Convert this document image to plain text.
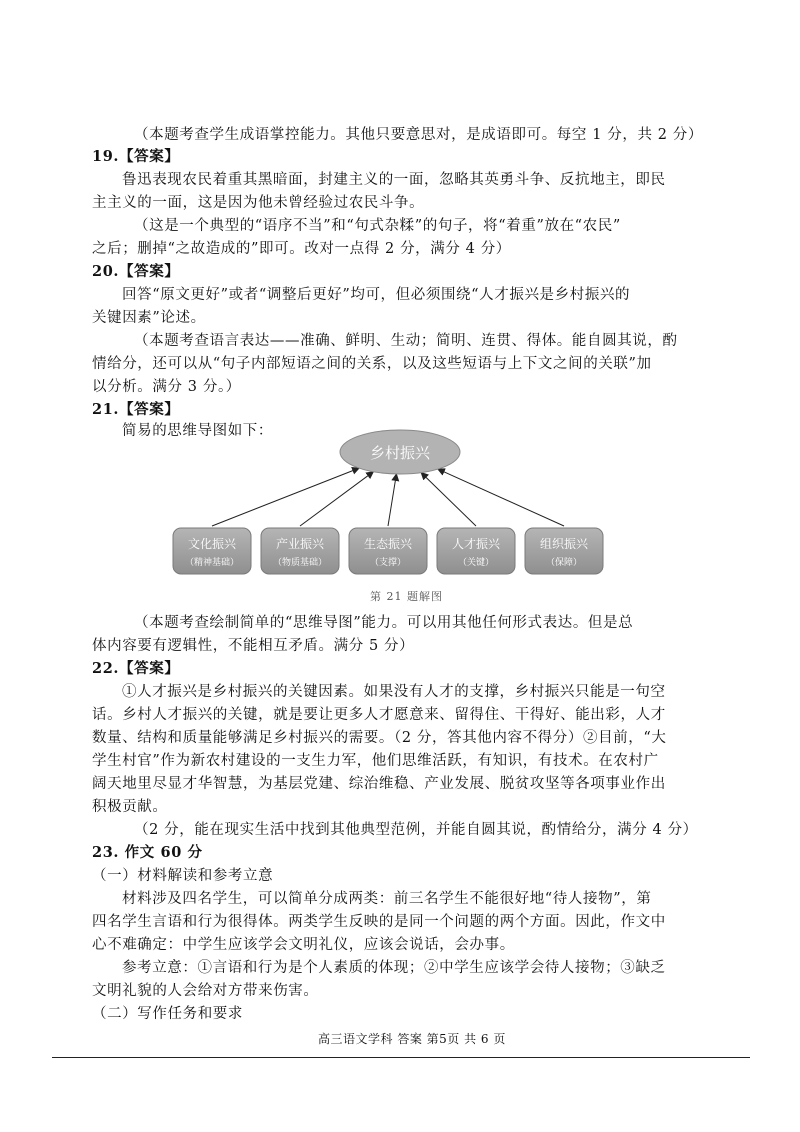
（本题考查学生成语掌控能力。其他只要意思对，是成语即可。每空 1 分，共 2 分）
19.【答案】
鲁迅表现农民着重其黑暗面，封建主义的一面，忽略其英勇斗争、反抗地主，即民
主主义的一面，这是因为他未曾经验过农民斗争。
（这是一个典型的“语序不当”和“句式杂糅”的句子，将“着重”放在“农民”
之后；删掉“之故造成的”即可。改对一点得 2 分，满分 4 分）
20.【答案】
回答“原文更好”或者“调整后更好”均可，但必须围绕“人才振兴是乡村振兴的
关键因素”论述。
（本题考查语言表达——准确、鲜明、生动；简明、连贯、得体。能自圆其说，酌
情给分，还可以从“句子内部短语之间的关系，以及这些短语与上下文之间的关联”加
以分析。满分 3 分。）
21.【答案】
简易的思维导图如下：
乡村振兴
文化振兴
（精神基础）
产业振兴
（物质基础）
生态振兴
（支撑）
人才振兴
（关键）
组织振兴
（保障）
第 21 题解图
（本题考查绘制简单的“思维导图”能力。可以用其他任何形式表达。但是总
体内容要有逻辑性，不能相互矛盾。满分 5 分）
22.【答案】
①人才振兴是乡村振兴的关键因素。如果没有人才的支撑，乡村振兴只能是一句空
话。乡村人才振兴的关键，就是要让更多人才愿意来、留得住、干得好、能出彩，人才
数量、结构和质量能够满足乡村振兴的需要。（2 分，答其他内容不得分）②目前，“大
学生村官”作为新农村建设的一支生力军，他们思维活跃，有知识，有技术。在农村广
阔天地里尽显才华智慧，为基层党建、综治维稳、产业发展、脱贫攻坚等各项事业作出
积极贡献。
（2 分，能在现实生活中找到其他典型范例，并能自圆其说，酌情给分，满分 4 分）
23. 作文 60 分
（一）材料解读和参考立意
材料涉及四名学生，可以简单分成两类：前三名学生不能很好地“待人接物”，第
四名学生言语和行为很得体。两类学生反映的是同一个问题的两个方面。因此，作文中
心不难确定：中学生应该学会文明礼仪，应该会说话，会办事。
参考立意：①言语和行为是个人素质的体现；②中学生应该学会待人接物；③缺乏
文明礼貌的人会给对方带来伤害。
（二）写作任务和要求
高三语文学科 答案 第5页 共 6 页
